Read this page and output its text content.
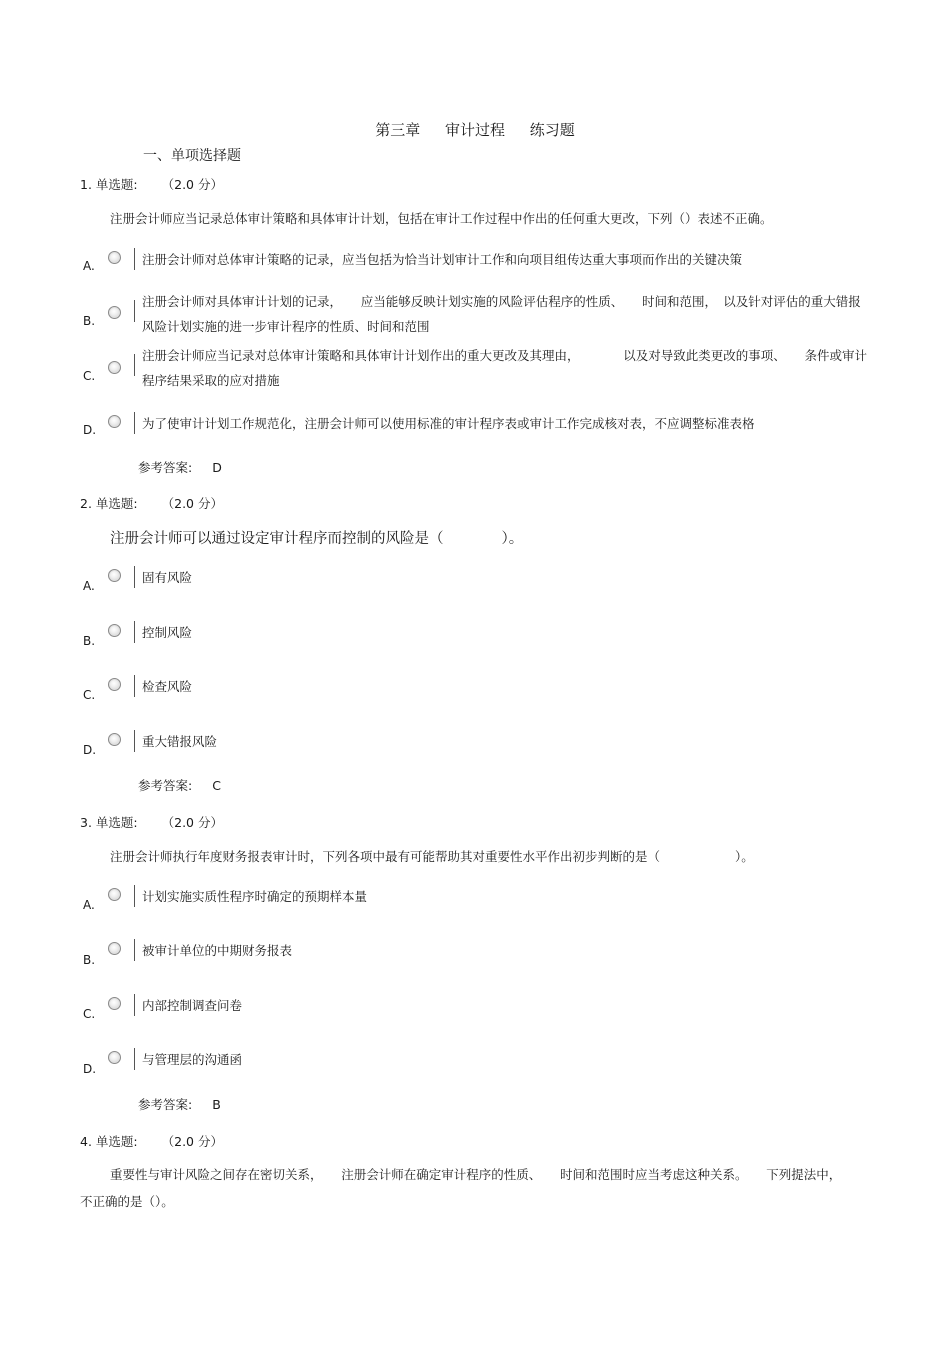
第三章 审计过程 练习题
一、单项选择题
1. 单选题: （2.0 分）
注册会计师应当记录总体审计策略和具体审计计划，包括在审计工作过程中作出的任何重大更改，下列（）表述不正确。
A.	注册会计师对总体审计策略的记录，应当包括为恰当计划审计工作和向项目组传达重大事项而作出的关键决策
B.
注册会计师对具体审计计划的记录，　　应当能够反映计划实施的风险评估程序的性质、　　时间和范围，　以及针对评估的重大错报风险计划实施的进一步审计程序的性质、时间和范围
C.
注册会计师应当记录对总体审计策略和具体审计计划作出的重大更改及其理由，　　　　以及对导致此类更改的事项、　　条件或审计程序结果采取的应对措施
D.	为了使审计计划工作规范化，注册会计师可以使用标准的审计程序表或审计工作完成核对表，不应调整标准表格
参考答案: D
2. 单选题: （2.0 分）
注册会计师可以通过设定审计程序而控制的风险是（　　　　）。
A.
固有风险
B.
控制风险
C.
检查风险
D.
重大错报风险
参考答案: C
3. 单选题: （2.0 分）
注册会计师执行年度财务报表审计时，下列各项中最有可能帮助其对重要性水平作出初步判断的是（　　　　　　）。
A.
计划实施实质性程序时确定的预期样本量
B.
被审计单位的中期财务报表
C.
内部控制调查问卷
D.
与管理层的沟通函
参考答案: B
4. 单选题: （2.0 分）
重要性与审计风险之间存在密切关系，　　注册会计师在确定审计程序的性质、　　时间和范围时应当考虑这种关系。　　下列提法中，
不正确的是（）。
